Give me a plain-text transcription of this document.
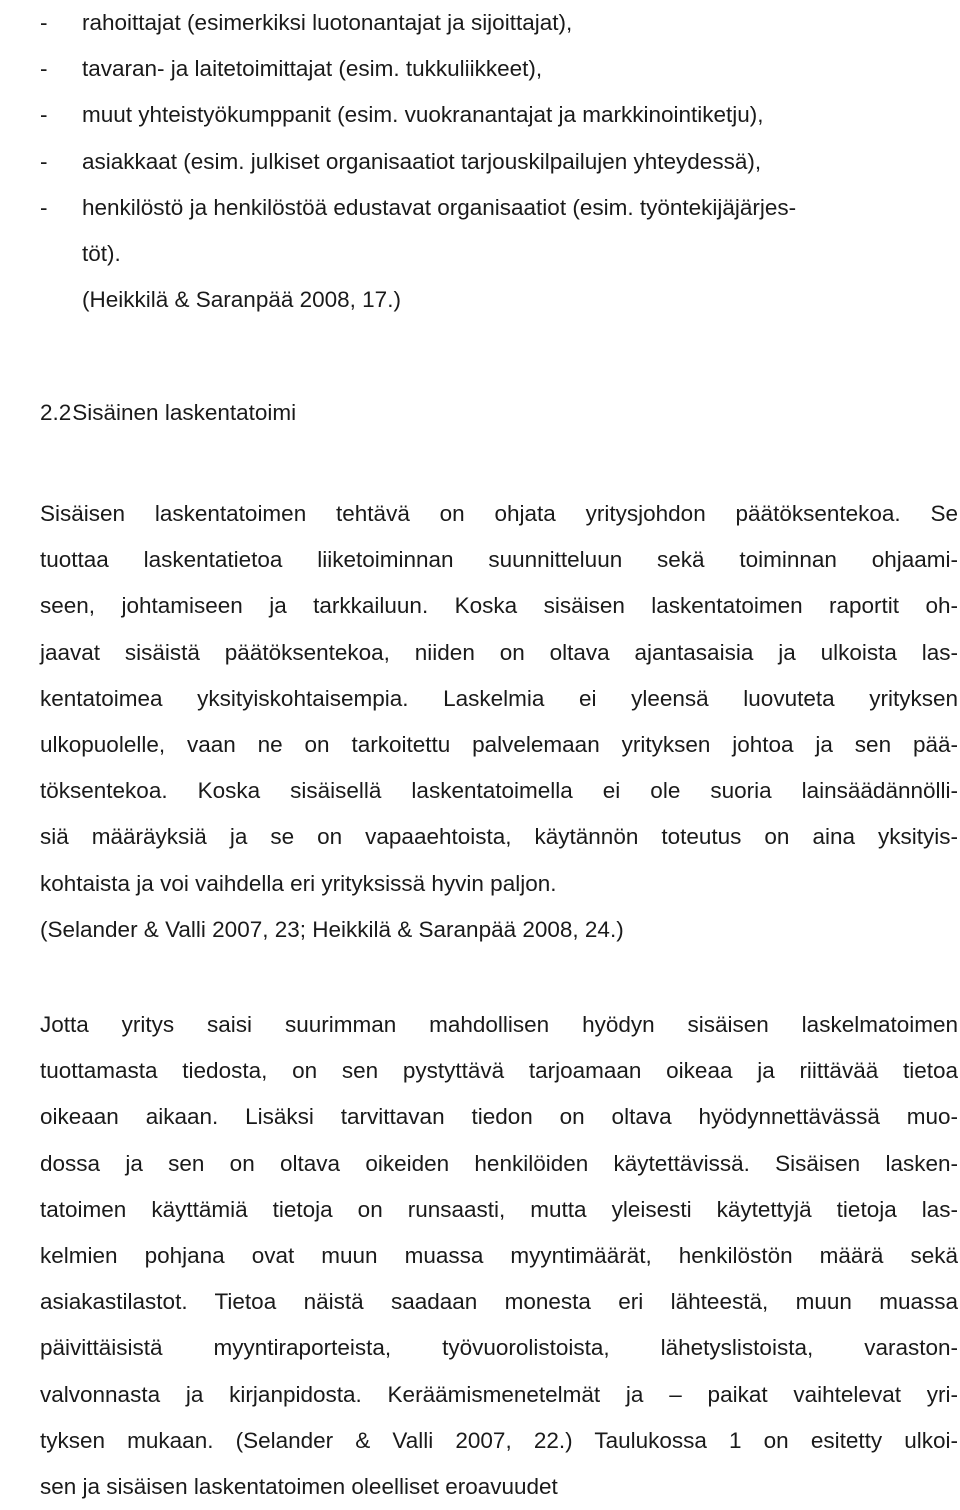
-	rahoittajat (esimerkiksi luotonantajat ja sijoittajat),
-	tavaran- ja laitetoimittajat (esim. tukkuliikkeet),
-	muut yhteistyökumppanit (esim. vuokranantajat ja markkinointiketju),
-	asiakkaat (esim. julkiset organisaatiot tarjouskilpailujen yhteydessä),
-	henkilöstö ja henkilöstöä edustavat organisaatiot (esim. työntekijäjärjes-
töt).
(Heikkilä & Saranpää 2008, 17.)
2.2 Sisäinen laskentatoimi

Sisäisen laskentatoimen tehtävä on ohjata yritysjohdon päätöksentekoa. Se
tuottaa laskentatietoa liiketoiminnan suunnitteluun sekä toiminnan ohjaami-
seen, johtamiseen ja tarkkailuun. Koska sisäisen laskentatoimen raportit oh-
jaavat sisäistä päätöksentekoa, niiden on oltava ajantasaisia ja ulkoista las-
kentatoimea yksityiskohtaisempia. Laskelmia ei yleensä luovuteta yrityksen
ulkopuolelle, vaan ne on tarkoitettu palvelemaan yrityksen johtoa ja sen pää-
töksentekoa. Koska sisäisellä laskentatoimella ei ole suoria lainsäädännölli-
siä määräyksiä ja se on vapaaehtoista, käytännön toteutus on aina yksityis-
kohtaista ja voi vaihdella eri yrityksissä hyvin paljon.
(Selander & Valli 2007, 23; Heikkilä & Saranpää 2008, 24.)

Jotta yritys saisi suurimman mahdollisen hyödyn sisäisen laskelmatoimen
tuottamasta tiedosta, on sen pystyttävä tarjoamaan oikeaa ja riittävää tietoa
oikeaan aikaan. Lisäksi tarvittavan tiedon on oltava hyödynnettävässä muo-
dossa ja sen on oltava oikeiden henkilöiden käytettävissä. Sisäisen lasken-
tatoimen käyttämiä tietoja on runsaasti, mutta yleisesti käytettyjä tietoja las-
kelmien pohjana ovat muun muassa myyntimäärät, henkilöstön määrä sekä
asiakastilastot. Tietoa näistä saadaan monesta eri lähteestä, muun muassa
päivittäisistä myyntiraporteista, työvuorolistoista, lähetyslistoista, varaston-
valvonnasta ja kirjanpidosta. Keräämismenetelmät ja – paikat vaihtelevat yri-
tyksen mukaan. (Selander & Valli 2007, 22.) Taulukossa 1 on esitetty ulkoi-
sen ja sisäisen laskentatoimen oleelliset eroavuudet
